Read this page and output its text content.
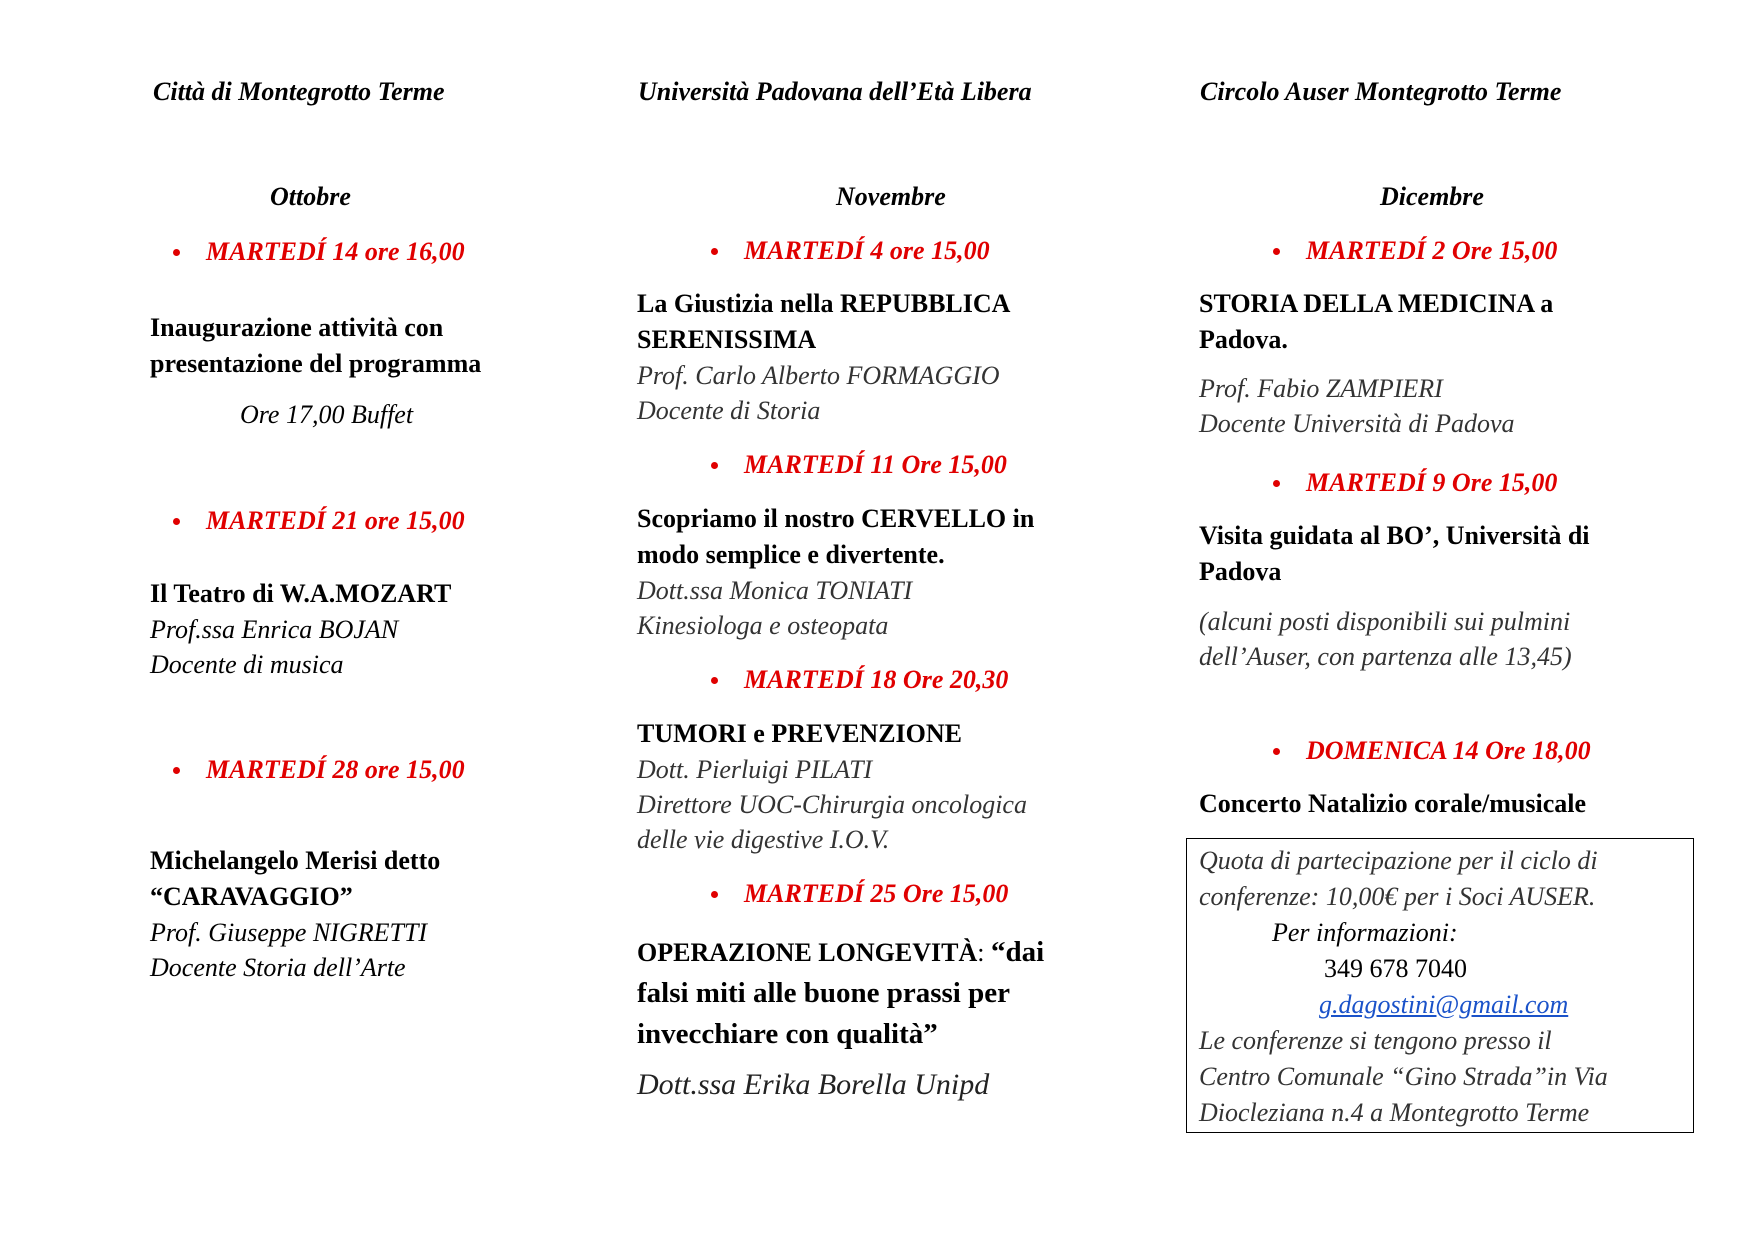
Città di Montegrotto Terme	Università Padovana dell’Età Libera	Circolo Auser Montegrotto Terme
Ottobre
MARTEDÍ 14 ore 16,00
Inaugurazione attività con
presentazione del programma
Ore 17,00 Buffet
MARTEDÍ 21 ore 15,00
Il Teatro di W.A.MOZART
Prof.ssa Enrica BOJAN
Docente di musica
MARTEDÍ 28 ore 15,00
Michelangelo Merisi detto
“CARAVAGGIO”
Prof. Giuseppe NIGRETTI
Docente Storia dell’Arte
Novembre
MARTEDÍ 4 ore 15,00
La Giustizia nella REPUBBLICA
SERENISSIMA
Prof. Carlo Alberto FORMAGGIO
Docente di Storia
MARTEDÍ 11 Ore 15,00
Scopriamo il nostro CERVELLO in
modo semplice e divertente.
Dott.ssa Monica TONIATI
Kinesiologa e osteopata
MARTEDÍ 18 Ore 20,30
TUMORI e PREVENZIONE
Dott. Pierluigi PILATI
Direttore UOC-Chirurgia oncologica
delle vie digestive I.O.V.
MARTEDÍ 25 Ore 15,00
OPERAZIONE LONGEVITÀ: “dai
falsi miti alle buone prassi per
invecchiare con qualità”
Dott.ssa Erika Borella Unipd
Dicembre
MARTEDÍ 2 Ore 15,00
STORIA DELLA MEDICINA a
Padova.
Prof. Fabio ZAMPIERI
Docente Università di Padova
MARTEDÍ 9 Ore 15,00
Visita guidata al BO’, Università di
Padova
(alcuni posti disponibili sui pulmini
dell’Auser, con partenza alle 13,45)
DOMENICA 14 Ore 18,00
Concerto Natalizio corale/musicale
Quota di partecipazione per il ciclo di
conferenze: 10,00€ per i Soci AUSER.
Per informazioni:
349 678 7040
g.dagostini@gmail.com
Le conferenze si tengono presso il
Centro Comunale “Gino Strada”in Via
Diocleziana n.4 a Montegrotto Terme
